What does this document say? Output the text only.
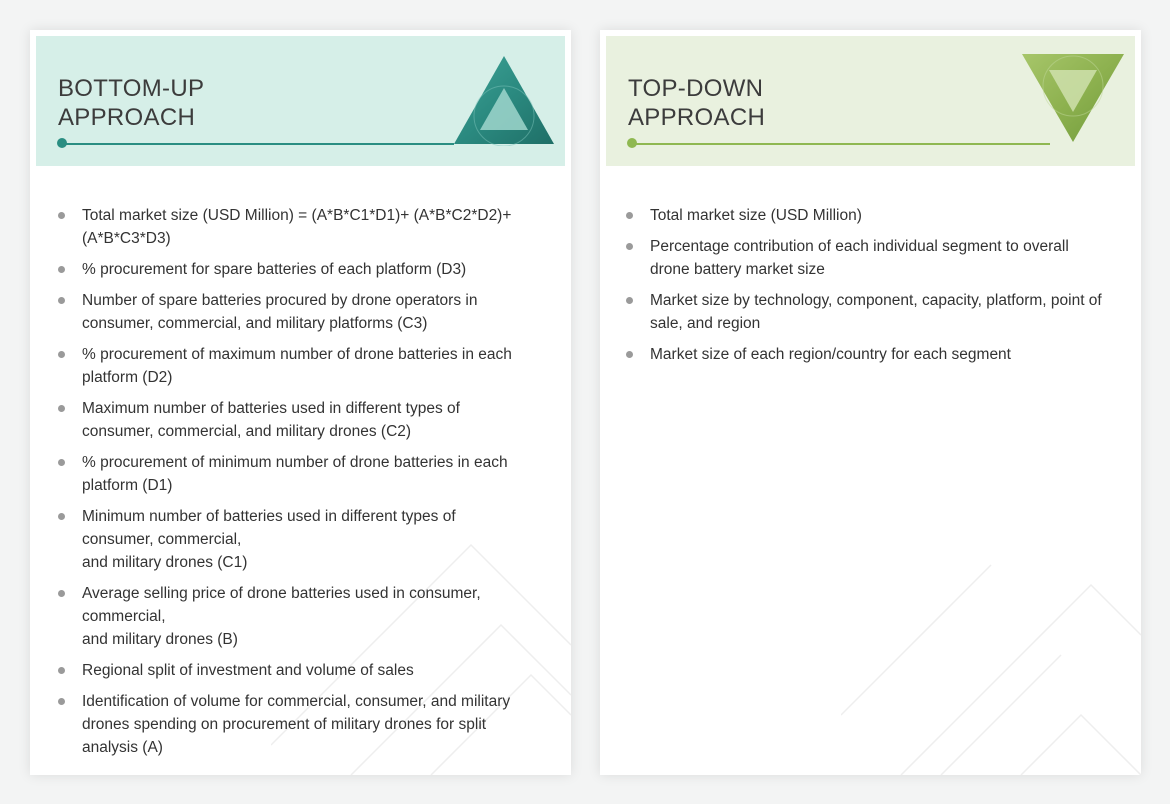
BOTTOM-UP
APPROACH
Total market size (USD Million) = (A*B*C1*D1)+ (A*B*C2*D2)+
(A*B*C3*D3)
% procurement for spare batteries of each platform (D3)
Number of spare batteries procured by drone operators in
consumer, commercial, and military platforms (C3)
% procurement of maximum number of drone batteries in each
platform (D2)
Maximum number of batteries used in different types of
consumer, commercial, and military drones (C2)
% procurement of minimum number of drone batteries in each
platform (D1)
Minimum number of batteries used in different types of
consumer, commercial,
and military drones (C1)
Average selling price of drone batteries used in consumer,
commercial,
and military drones (B)
Regional split of investment and volume of sales
Identification of volume for commercial, consumer, and military
drones spending on procurement of military drones for split
analysis (A)
TOP-DOWN
APPROACH
Total market size (USD Million)
Percentage contribution of each individual segment to overall
drone battery market size
Market size by technology, component, capacity, platform, point of
sale, and region
Market size of each region/country for each segment
